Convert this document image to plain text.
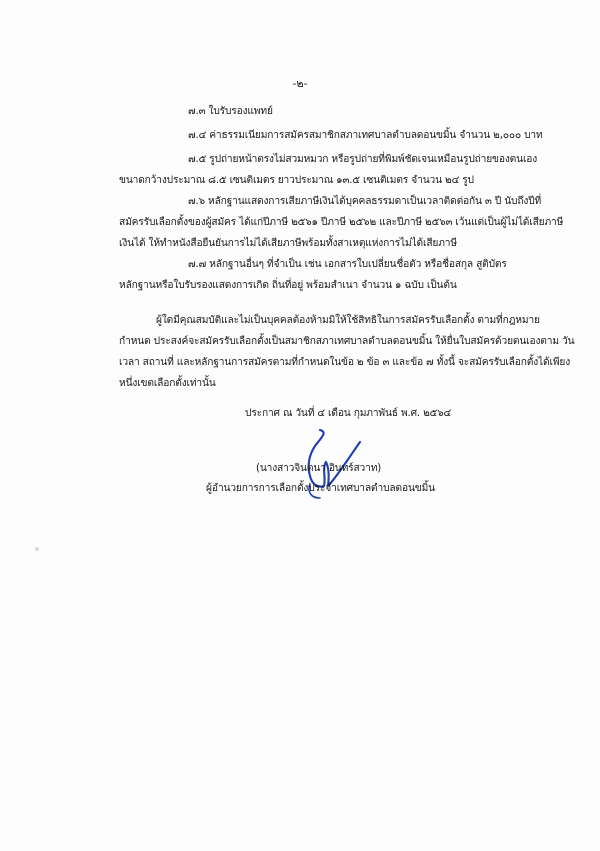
-๒-
๗.๓ ใบรับรองแพทย์
๗.๔ ค่าธรรมเนียมการสมัครสมาชิกสภาเทศบาลตำบลดอนขมิ้น จำนวน ๒,๐๐๐ บาท
๗.๕ รูปถ่ายหน้าตรงไม่สวมหมวก หรือรูปถ่ายที่พิมพ์ชัดเจนเหมือนรูปถ่ายของตนเอง
ขนาดกว้างประมาณ ๘.๕ เซนติเมตร ยาวประมาณ ๑๓.๕ เซนติเมตร จำนวน ๒๔ รูป
๗.๖ หลักฐานแสดงการเสียภาษีเงินได้บุคคลธรรมดาเป็นเวลาติดต่อกัน ๓ ปี นับถึงปีที่
สมัครรับเลือกตั้งของผู้สมัคร ได้แก่ปีภาษี ๒๕๖๑ ปีภาษี ๒๕๖๒ และปีภาษี ๒๕๖๓ เว้นแต่เป็นผู้ไม่ได้เสียภาษี
เงินได้ ให้ทำหนังสือยืนยันการไม่ได้เสียภาษีพร้อมทั้งสาเหตุแห่งการไม่ได้เสียภาษี
๗.๗ หลักฐานอื่นๆ ที่จำเป็น เช่น เอกสารใบเปลี่ยนชื่อตัว หรือชื่อสกุล สูติบัตร
หลักฐานหรือใบรับรองแสดงการเกิด ถิ่นที่อยู่ พร้อมสำเนา จำนวน ๑ ฉบับ เป็นต้น
ผู้ใดมีคุณสมบัติและไม่เป็นบุคคลต้องห้ามมิให้ใช้สิทธิในการสมัครรับเลือกตั้ง ตามที่กฎหมาย
กำหนด ประสงค์จะสมัครรับเลือกตั้งเป็นสมาชิกสภาเทศบาลตำบลดอนขมิ้น ให้ยื่นใบสมัครด้วยตนเองตาม วัน
เวลา สถานที่ และหลักฐานการสมัครตามที่กำหนดในข้อ ๒ ข้อ ๓ และข้อ ๗ ทั้งนี้ จะสมัครรับเลือกตั้งได้เพียง
หนึ่งเขตเลือกตั้งเท่านั้น
ประกาศ ณ วันที่ ๔ เดือน กุมภาพันธ์ พ.ศ. ๒๕๖๔
(นางสาวจินตนา อินทร์สวาท)
ผู้อำนวยการการเลือกตั้งประจำเทศบาลตำบลดอนขมิ้น
